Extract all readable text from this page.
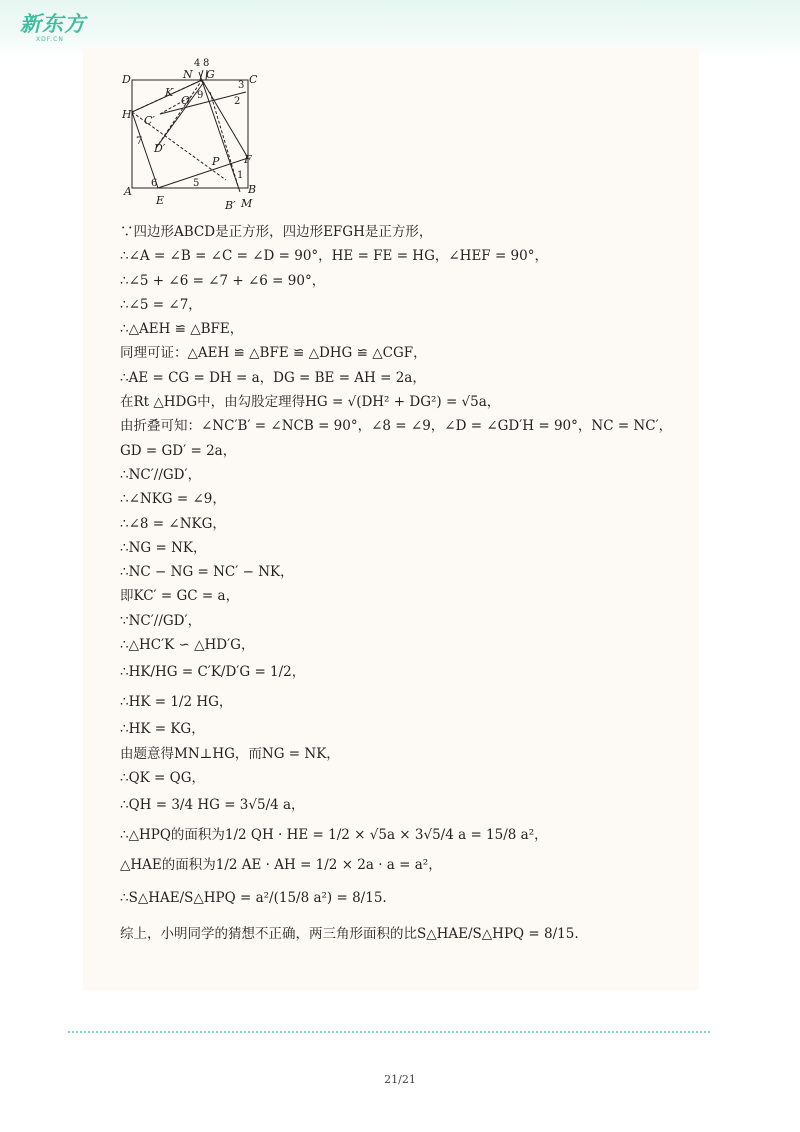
新东方
XDF.CN
D	C
A	B
E
F
G
H
N
M
K
O
P
C′
D′
B′
4 8
9
2
7
6	5
1
3
∵四边形ABCD是正方形，四边形EFGH是正方形，
∴∠A = ∠B = ∠C = ∠D = 90°，HE = FE = HG，∠HEF = 90°，
∴∠5 + ∠6 = ∠7 + ∠6 = 90°，
∴∠5 = ∠7，
∴△AEH ≌ △BFE，
同理可证：△AEH ≌ △BFE ≌ △DHG ≌ △CGF，
∴AE = CG = DH = a，DG = BE = AH = 2a，
在Rt △HDG中，由勾股定理得HG = √(DH² + DG²) = √5a，
由折叠可知：∠NC′B′ = ∠NCB = 90°，∠8 = ∠9，∠D = ∠GD′H = 90°，NC = NC′，
GD = GD′ = 2a，
∴NC′//GD′，
∴∠NKG = ∠9，
∴∠8 = ∠NKG，
∴NG = NK，
∴NC − NG = NC′ − NK，
即KC′ = GC = a，
∵NC′//GD′，
∴△HC′K ∽ △HD′G，
∴HK/HG = C′K/D′G = 1/2，
∴HK = 1/2 HG，
∴HK = KG，
由题意得MN⊥HG，而NG = NK，
∴QK = QG，
∴QH = 3/4 HG = 3√5/4 a，
∴△HPQ的面积为1/2 QH · HE = 1/2 × √5a × 3√5/4 a = 15/8 a²，
△HAE的面积为1/2 AE · AH = 1/2 × 2a · a = a²，
∴S△HAE/S△HPQ = a²/(15/8 a²) = 8/15.
综上，小明同学的猜想不正确，两三角形面积的比S△HAE/S△HPQ = 8/15.
21/21
